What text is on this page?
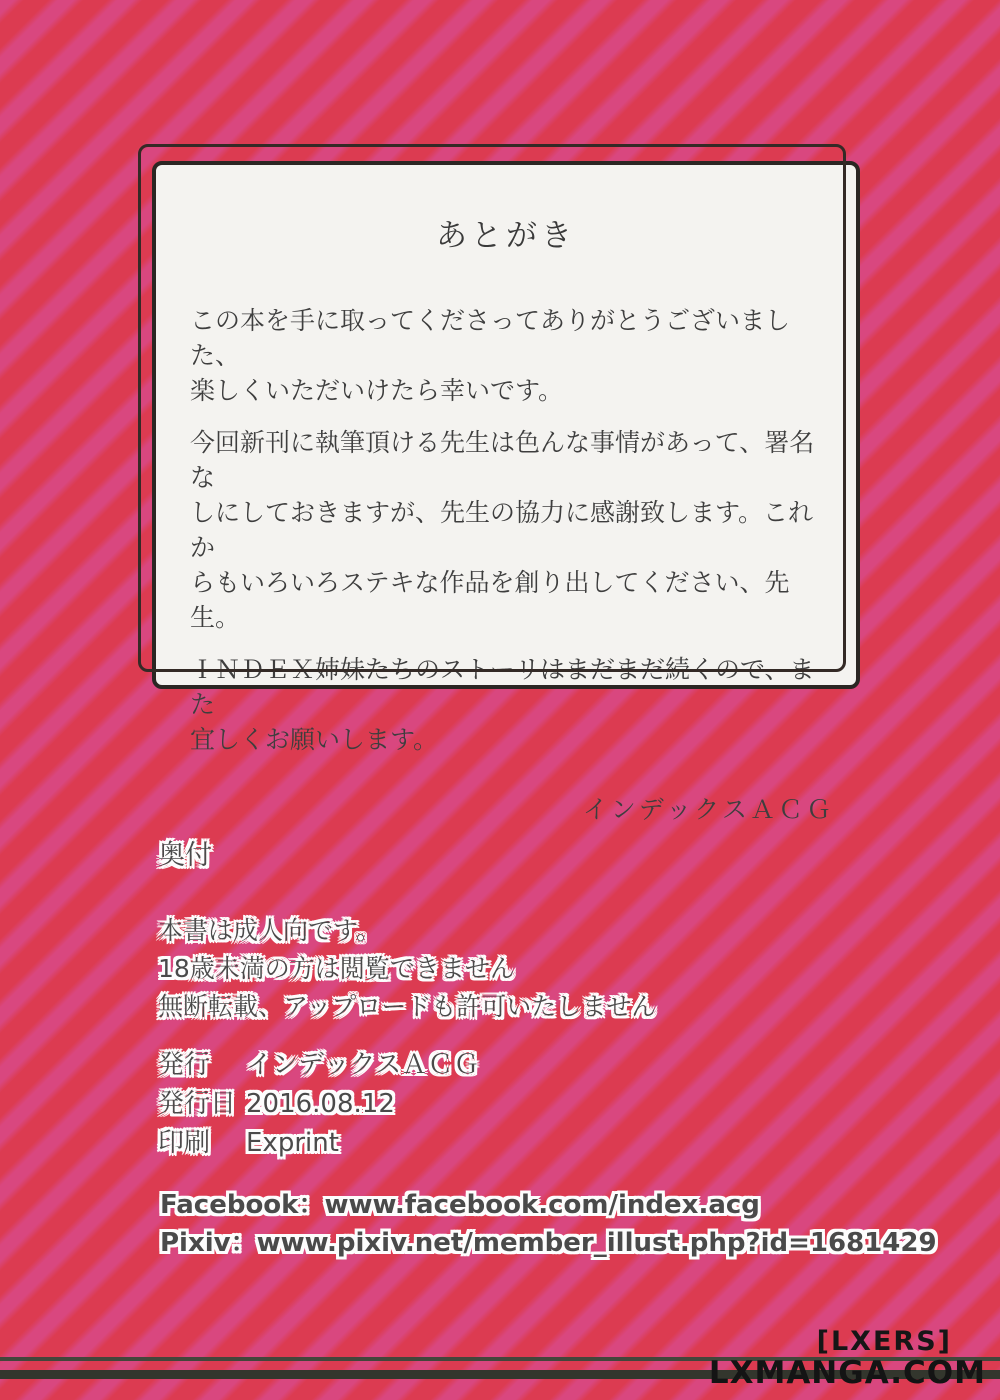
あとがき
この本を手に取ってくださってありがとうございました、
楽しくいただいけたら幸いです。
今回新刊に執筆頂ける先生は色んな事情があって、署名な
しにしておきますが、先生の協力に感謝致します。これか
らもいろいろステキな作品を創り出してください、先生。
ＩＮＤＥＸ姉妹たちのストーリはまだまだ続くので、また
宜しくお願いします。
インデックスＡＣＧ
奥付
本書は成人向です。
18歳未満の方は閲覧できません
無断転載、アップロードも許可いたしません
発行	インデックスＡＣＧ
発行日 2016.08.12
印刷	Exprint
Facebook：www.facebook.com/index.acg
Pixiv：www.pixiv.net/member_illust.php?id=1681429
[LXERS]
LXMANGA.COM
